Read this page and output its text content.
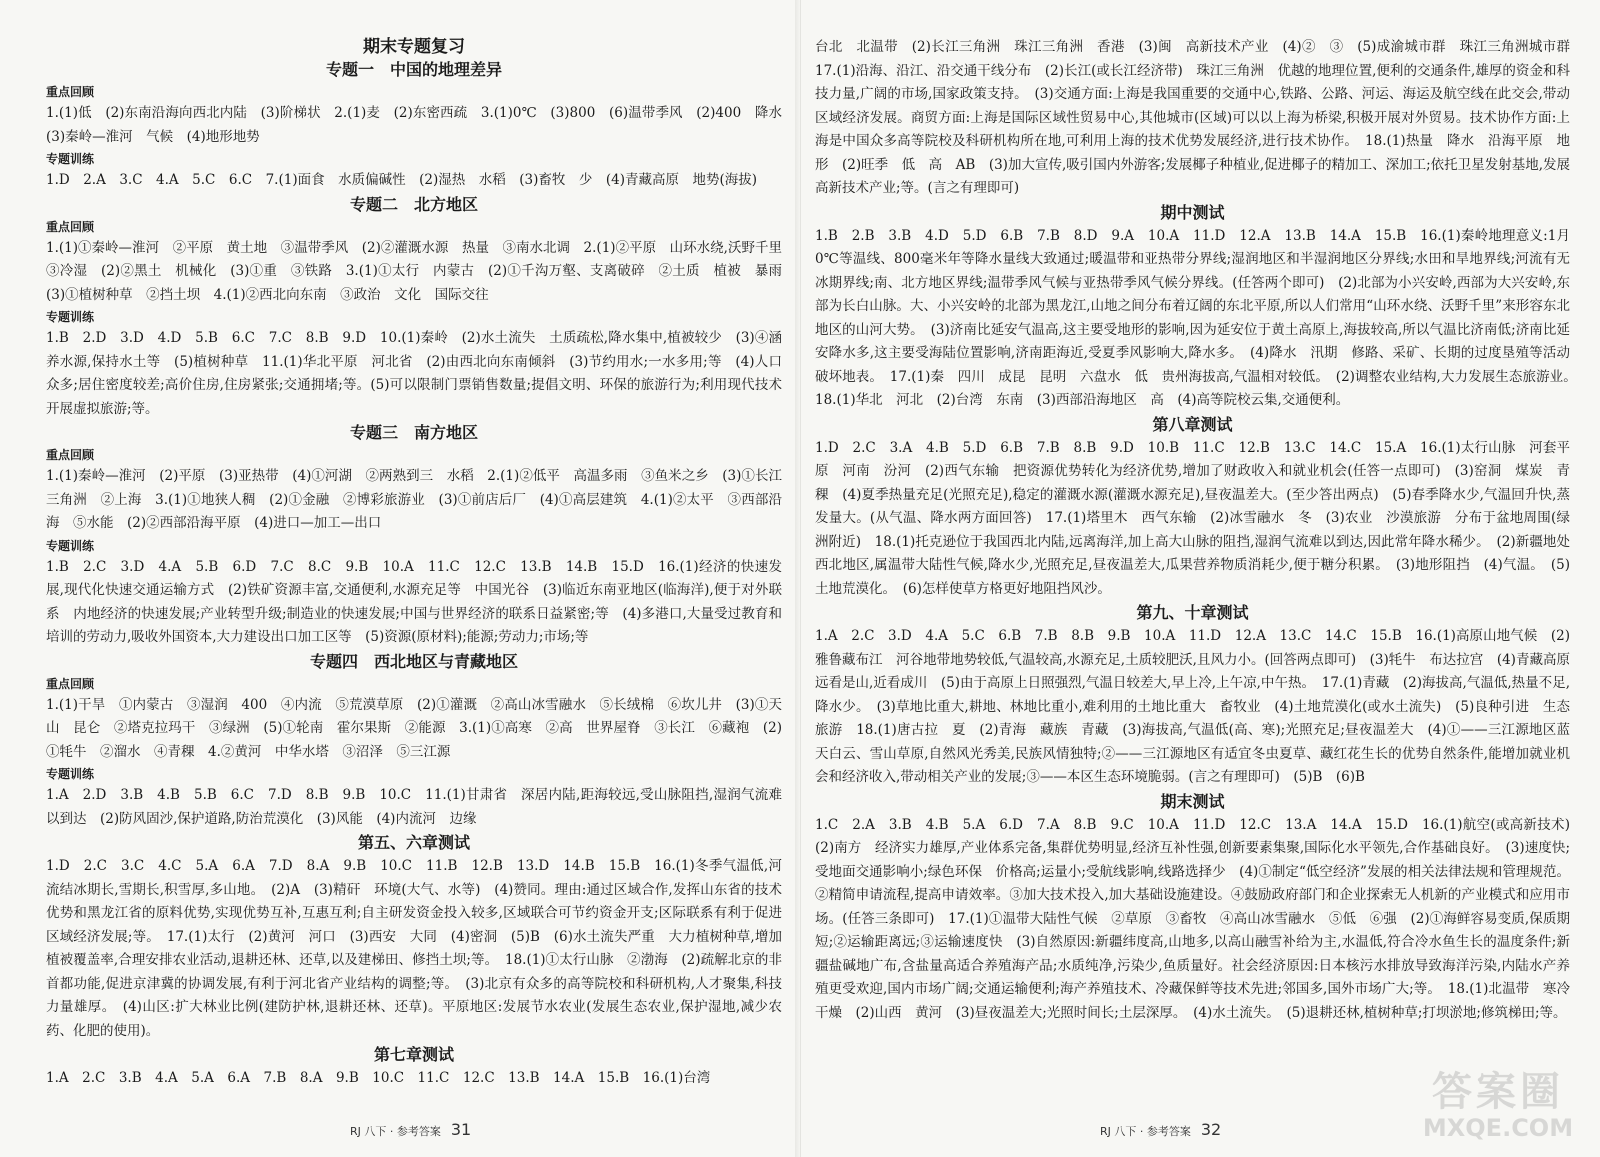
期末专题复习
专题一　中国的地理差异
重点回顾

1.(1)低　(2)东南沿海向西北内陆　(3)阶梯状　2.(1)麦　(2)东密西疏　3.(1)0℃　(3)800　(6)温带季风　(2)400　降水　(3)秦岭—淮河　气候　(4)地形地势

专题训练

1.D　2.A　3.C　4.A　5.C　6.C　7.(1)面食　水质偏碱性　(2)湿热　水稻　(3)畜牧　少　(4)青藏高原　地势(海拔)

专题二　北方地区
重点回顾

1.(1)①秦岭—淮河　②平原　黄土地　③温带季风　(2)②灌溉水源　热量　③南水北调　2.(1)②平原　山环水绕,沃野千里　③冷湿　(2)②黑土　机械化　(3)①重　③铁路　3.(1)①太行　内蒙古　(2)①千沟万壑、支离破碎　②土质　植被　暴雨　(3)①植树种草　②挡土坝　4.(1)②西北向东南　③政治　文化　国际交往

专题训练

1.B　2.D　3.D　4.D　5.B　6.C　7.C　8.B　9.D　10.(1)秦岭　(2)水土流失　土质疏松,降水集中,植被较少　(3)④涵养水源,保持水土等　(5)植树种草　11.(1)华北平原　河北省　(2)由西北向东南倾斜　(3)节约用水;一水多用;等　(4)人口众多;居住密度较差;高价住房,住房紧张;交通拥堵;等。(5)可以限制门票销售数量;提倡文明、环保的旅游行为;利用现代技术开展虚拟旅游;等。

专题三　南方地区
重点回顾

1.(1)秦岭—淮河　(2)平原　(3)亚热带　(4)①河湖　②两熟到三　水稻　2.(1)②低平　高温多雨　③鱼米之乡　(3)①长江三角洲　②上海　3.(1)①地狭人稠　(2)①金融　②博彩旅游业　(3)①前店后厂　(4)①高层建筑　4.(1)②太平　③西部沿海　⑤水能　(2)②西部沿海平原　(4)进口—加工—出口

专题训练

1.B　2.C　3.D　4.A　5.B　6.D　7.C　8.C　9.B　10.A　11.C　12.C　13.B　14.B　15.D　16.(1)经济的快速发展,现代化快速交通运输方式　(2)铁矿资源丰富,交通便利,水源充足等　中国光谷　(3)临近东南亚地区(临海洋),便于对外联系　内地经济的快速发展;产业转型升级;制造业的快速发展;中国与世界经济的联系日益紧密;等　(4)多港口,大量受过教育和培训的劳动力,吸收外国资本,大力建设出口加工区等　(5)资源(原材料);能源;劳动力;市场;等

专题四　西北地区与青藏地区
重点回顾

1.(1)干旱　①内蒙古　③湿润　400　④内流　⑤荒漠草原　(2)①灌溉　②高山冰雪融水　⑤长绒棉　⑥坎儿井　(3)①天山　昆仑　②塔克拉玛干　③绿洲　(5)①轮南　霍尔果斯　②能源　3.(1)①高寒　②高　世界屋脊　③长江　⑥藏袍　(2)①牦牛　②溜水　④青稞　4.②黄河　中华水塔　③沼泽　⑤三江源

专题训练

1.A　2.D　3.B　4.B　5.B　6.C　7.D　8.B　9.B　10.C　11.(1)甘肃省　深居内陆,距海较远,受山脉阻挡,湿润气流难以到达　(2)防风固沙,保护道路,防治荒漠化　(3)风能　(4)内流河　边缘

第五、六章测试

1.D　2.C　3.C　4.C　5.A　6.A　7.D　8.A　9.B　10.C　11.B　12.B　13.D　14.B　15.B　16.(1)冬季气温低,河流结冰期长,雪期长,积雪厚,多山地。　(2)A　(3)精矸　环境(大气、水等)　(4)赞同。理由:通过区域合作,发挥山东省的技术优势和黑龙江省的原料优势,实现优势互补,互惠互利;自主研发资金投入较多,区域联合可节约资金开支;区际联系有利于促进区域经济发展;等。　17.(1)太行　(2)黄河　河口　(3)西安　大同　(4)密洞　(5)B　(6)水土流失严重　大力植树种草,增加植被覆盖率,合理安排农业活动,退耕还林、还草,以及建梯田、修挡土坝;等。　18.(1)①太行山脉　②渤海　(2)疏解北京的非首都功能,促进京津冀的协调发展,有利于河北省产业结构的调整;等。　(3)北京有众多的高等院校和科研机构,人才聚集,科技力量雄厚。　(4)山区:扩大林业比例(建防护林,退耕还林、还草)。平原地区:发展节水农业(发展生态农业,保护湿地,减少农药、化肥的使用)。

第七章测试

1.A　2.C　3.B　4.A　5.A　6.A　7.B　8.A　9.B　10.C　11.C　12.C　13.B　14.A　15.B　16.(1)台湾

台北　北温带　(2)长江三角洲　珠江三角洲　香港　(3)闽　高新技术产业　(4)②　③　(5)成渝城市群　珠江三角洲城市群　17.(1)沿海、沿江、沿交通干线分布　(2)长江(或长江经济带)　珠江三角洲　优越的地理位置,便利的交通条件,雄厚的资金和科技力量,广阔的市场,国家政策支持。　(3)交通方面:上海是我国重要的交通中心,铁路、公路、河运、海运及航空线在此交会,带动区域经济发展。商贸方面:上海是国际区域性贸易中心,其他城市(区域)可以以上海为桥梁,积极开展对外贸易。技术协作方面:上海是中国众多高等院校及科研机构所在地,可利用上海的技术优势发展经济,进行技术协作。　18.(1)热量　降水　沿海平原　地形　(2)旺季　低　高　AB　(3)加大宣传,吸引国内外游客;发展椰子种植业,促进椰子的精加工、深加工;依托卫星发射基地,发展高新技术产业;等。(言之有理即可)

期中测试

1.B　2.B　3.B　4.D　5.D　6.B　7.B　8.D　9.A　10.A　11.D　12.A　13.B　14.A　15.B　16.(1)秦岭地理意义:1月0℃等温线、800毫米年等降水量线大致通过;暖温带和亚热带分界线;湿润地区和半湿润地区分界线;水田和旱地界线;河流有无冰期界线;南、北方地区界线;温带季风气候与亚热带季风气候分界线。(任答两个即可)　(2)北部为小兴安岭,西部为大兴安岭,东部为长白山脉。大、小兴安岭的北部为黑龙江,山地之间分布着辽阔的东北平原,所以人们常用“山环水绕、沃野千里”来形容东北地区的山河大势。　(3)济南比延安气温高,这主要受地形的影响,因为延安位于黄土高原上,海拔较高,所以气温比济南低;济南比延安降水多,这主要受海陆位置影响,济南距海近,受夏季风影响大,降水多。　(4)降水　汛期　修路、采矿、长期的过度垦殖等活动破坏地表。　17.(1)秦　四川　成昆　昆明　六盘水　低　贵州海拔高,气温相对较低。　(2)调整农业结构,大力发展生态旅游业。　18.(1)华北　河北　(2)台湾　东南　(3)西部沿海地区　高　(4)高等院校云集,交通便利。

第八章测试

1.D　2.C　3.A　4.B　5.D　6.B　7.B　8.B　9.D　10.B　11.C　12.B　13.C　14.C　15.A　16.(1)太行山脉　河套平原　河南　汾河　(2)西气东输　把资源优势转化为经济优势,增加了财政收入和就业机会(任答一点即可)　(3)窑洞　煤炭　青稞　(4)夏季热量充足(光照充足),稳定的灌溉水源(灌溉水源充足),昼夜温差大。(至少答出两点)　(5)春季降水少,气温回升快,蒸发量大。(从气温、降水两方面回答)　17.(1)塔里木　西气东输　(2)冰雪融水　冬　(3)农业　沙漠旅游　分布于盆地周围(绿洲附近)　18.(1)托克逊位于我国西北内陆,远离海洋,加上高大山脉的阻挡,湿润气流难以到达,因此常年降水稀少。　(2)新疆地处西北地区,属温带大陆性气候,降水少,光照充足,昼夜温差大,瓜果营养物质消耗少,便于糖分积累。　(3)地形阻挡　(4)气温。　(5)土地荒漠化。　(6)怎样使草方格更好地阻挡风沙。

第九、十章测试

1.A　2.C　3.D　4.A　5.C　6.B　7.B　8.B　9.B　10.A　11.D　12.A　13.C　14.C　15.B　16.(1)高原山地气候　(2)雅鲁藏布江　河谷地带地势较低,气温较高,水源充足,土质较肥沃,且风力小。(回答两点即可)　(3)牦牛　布达拉宫　(4)青藏高原　远看是山,近看成川　(5)由于高原上日照强烈,气温日较差大,早上冷,上午凉,中午热。　17.(1)青藏　(2)海拔高,气温低,热量不足,降水少。　(3)草地比重大,耕地、林地比重小,难利用的土地比重大　畜牧业　(4)土地荒漠化(或水土流失)　(5)良种引进　生态旅游　18.(1)唐古拉　夏　(2)青海　藏族　青藏　(3)海拔高,气温低(高、寒);光照充足;昼夜温差大　(4)①——三江源地区蓝天白云、雪山草原,自然风光秀美,民族风情独特;②——三江源地区有适宜冬虫夏草、藏红花生长的优势自然条件,能增加就业机会和经济收入,带动相关产业的发展;③——本区生态环境脆弱。(言之有理即可)　(5)B　(6)B

期末测试

1.C　2.A　3.B　4.B　5.A　6.D　7.A　8.B　9.C　10.A　11.D　12.C　13.A　14.A　15.D　16.(1)航空(或高新技术)　(2)南方　经济实力雄厚,产业体系完备,集群优势明显,经济互补性强,创新要素集聚,国际化水平领先,合作基础良好。　(3)速度快;受地面交通影响小;绿色环保　价格高;运量小;受航线影响,线路选择少　(4)①制定“低空经济”发展的相关法律法规和管理规范。②精简申请流程,提高申请效率。③加大技术投入,加大基础设施建设。④鼓励政府部门和企业探索无人机新的产业模式和应用市场。(任答三条即可)　17.(1)①温带大陆性气候　②草原　③畜牧　④高山冰雪融水　⑤低　⑥强　(2)①海鲜容易变质,保质期短;②运输距离远;③运输速度快　(3)自然原因:新疆纬度高,山地多,以高山融雪补给为主,水温低,符合冷水鱼生长的温度条件;新疆盐碱地广布,含盐量高适合养殖海产品;水质纯净,污染少,鱼质量好。社会经济原因:日本核污水排放导致海洋污染,内陆水产养殖更受欢迎,国内市场广阔;交通运输便利;海产养殖技术、冷藏保鲜等技术先进;邻国多,国外市场广大;等。　18.(1)北温带　寒冷干燥　(2)山西　黄河　(3)昼夜温差大;光照时间长;土层深厚。　(4)水土流失。　(5)退耕还林,植树种草;打坝淤地;修筑梯田;等。

RJ 八下 · 参考答案 31	RJ 八下 · 参考答案 32
答案圈
MXQE.COM
